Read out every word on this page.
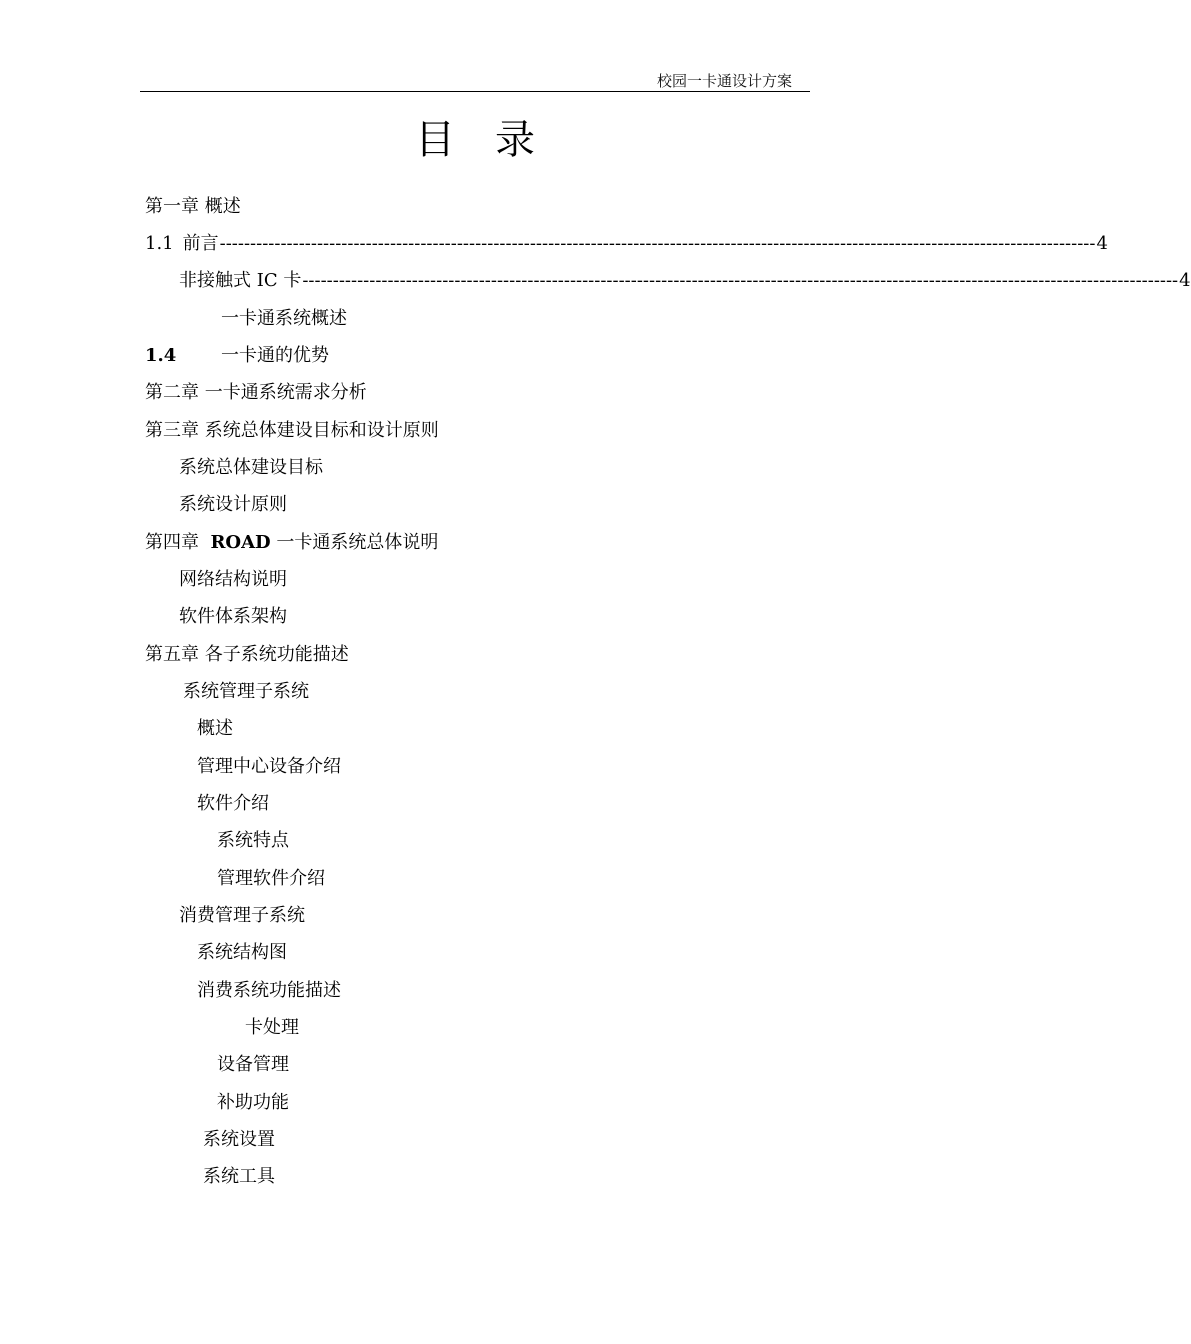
校园一卡通设计方案
目录
第一章 概述
1.1 前言 ------------------------------------------------------------------------------------------------------------------------------------------------ 4
非接触式 IC 卡 ------------------------------------------------------------------------------------------------------------------------------------------------ 4
一卡通系统概述
1.4 一卡通的优势
第二章 一卡通系统需求分析
第三章 系统总体建设目标和设计原则
系统总体建设目标
系统设计原则
第四章  ROAD 一卡通系统总体说明
网络结构说明
软件体系架构
第五章 各子系统功能描述
系统管理子系统
概述
管理中心设备介绍
软件介绍
系统特点
管理软件介绍
消费管理子系统
系统结构图
消费系统功能描述
卡处理
设备管理
补助功能
系统设置
系统工具
